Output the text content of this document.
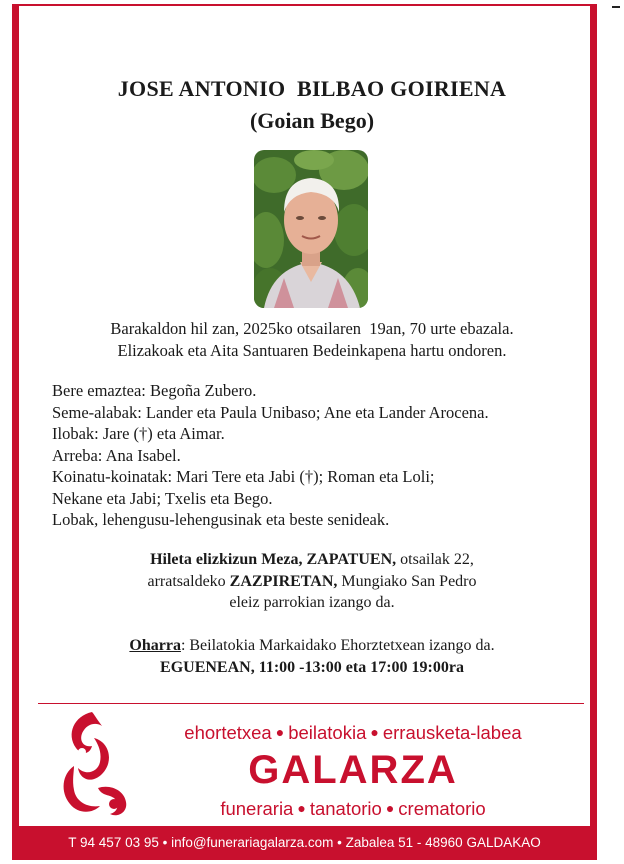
JOSE ANTONIO  BILBAO GOIRIENA
(Goian Bego)
Barakaldon hil zan, 2025ko otsailaren  19an, 70 urte ebazala.
Elizakoak eta Aita Santuaren Bedeinkapena hartu ondoren.
Bere emaztea: Begoña Zubero.
Seme-alabak: Lander eta Paula Unibaso; Ane eta Lander Arocena.
Ilobak: Jare (†) eta Aimar.
Arreba: Ana Isabel.
Koinatu-koinatak: Mari Tere eta Jabi (†); Roman eta Loli;
Nekane eta Jabi; Txelis eta Bego.
Lobak, lehengusu-lehengusinak eta beste senideak.
Hileta elizkizun Meza, ZAPATUEN, otsailak 22,
arratsaldeko ZAZPIRETAN, Mungiako San Pedro
eleiz parrokian izango da.
Oharra: Beilatokia Markaidako Ehorztetxean izango da.
EGUENEAN, 11:00 -13:00 eta 17:00 19:00ra
ehortetxea ● beilatokia ● errausketa-labea
GALARZA
funeraria ● tanatorio ● crematorio
T 94 457 03 95 • info@funerariagalarza.com • Zabalea 51 - 48960 GALDAKAO
